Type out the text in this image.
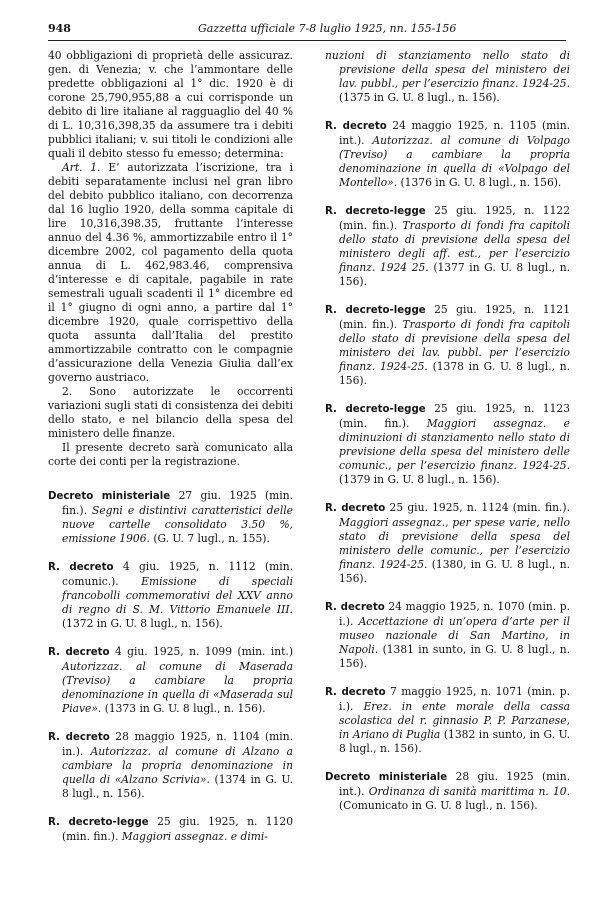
948	Gazzetta ufficiale 7-8 luglio 1925, nn. 155-156

40 obbligazioni di proprietà delle assicuraz. gen. di Venezia; v. che l’ammontare delle predette obbligazioni al 1° dic. 1920 è di corone 25,790,955,88 a cui corrisponde un debito di lire italiane al ragguaglio del 40 % di L. 10,316,398,35 da assumere tra i debiti pubblici italiani; v. sui titoli le condizioni alle quali il debito stesso fu emesso; determina:

Art. 1. E’ autorizzata l’iscrizione, tra i debiti separatamente inclusi nel gran libro del debito pubblico italiano, con decorrenza dal 16 luglio 1920, della somma capitale di lire 10,316,398.35, fruttante l’interesse annuo del 4.36 %, ammortizzabile entro il 1° dicembre 2002, col pagamento della quota annua di L. 462,983.46, comprensiva d’interesse e di capitale, pagabile in rate semestrali uguali scadenti il 1° dicembre ed il 1° giugno di ogni anno, a partire dal 1° dicembre 1920, quale corrispettivo della quota assunta dall’Italia del prestito ammortizzabile contratto con le compagnie d’assicurazione della Venezia Giulia dall’ex governo austriaco.

2. Sono autorizzate le occorrenti variazioni sugli stati di consistenza dei debiti dello stato, e nel bilancio della spesa del ministero delle finanze.

Il presente decreto sarà comunicato alla corte dei conti per la registrazione.

Decreto ministeriale 27 giu. 1925 (min. fin.). Segni e distintivi caratteristici delle nuove cartelle consolidato 3.50 %, emissione 1906. (G. U. 7 lugl., n. 155).

R. decreto 4 giu. 1925, n. 1112 (min. comunic.). Emissione di speciali francobolli commemorativi del XXV anno di regno di S. M. Vittorio Emanuele III. (1372 in G. U. 8 lugl., n. 156).

R. decreto 4 giu. 1925, n. 1099 (min. int.) Autorizzaz. al comune di Maserada (Treviso) a cambiare la propria denominazione in quella di «Maserada sul Piave». (1373 in G. U. 8 lugl., n. 156).

R. decreto 28 maggio 1925, n. 1104 (min. in.). Autorizzaz. al comune di Alzano a cambiare la propria denominazione in quella di «Alzano Scrivia». (1374 in G. U. 8 lugl., n. 156).

R. decreto-legge 25 giu. 1925, n. 1120 (min. fin.). Maggiori assegnaz. e dimi-

nuzioni di stanziamento nello stato di previsione della spesa del ministero dei lav. pubbl., per l’esercizio finanz. 1924-25. (1375 in G. U. 8 lugl., n. 156).

R. decreto 24 maggio 1925, n. 1105 (min. int.). Autorizzaz. al comune di Volpago (Treviso) a cambiare la propria denominazione in quella di «Volpago del Montello». (1376 in G. U. 8 lugl., n. 156).

R. decreto-legge 25 giu. 1925, n. 1122 (min. fin.). Trasporto di fondi fra capitoli dello stato di previsione della spesa del ministero degli aff. est., per l’esercizio finanz. 1924 25. (1377 in G. U. 8 lugl., n. 156).

R. decreto-legge 25 giu. 1925, n. 1121 (min. fin.). Trasporto di fondi fra capitoli dello stato di previsione della spesa del ministero dei lav. pubbl. per l’esercizio finanz. 1924-25. (1378 in G. U. 8 lugl., n. 156).

R. decreto-legge 25 giu. 1925, n. 1123 (min. fin.). Maggiori assegnaz. e diminuzioni di stanziamento nello stato di previsione della spesa del ministero delle comunic., per l’esercizio finanz. 1924-25. (1379 in G. U. 8 lugl., n. 156).

R. decreto 25 giu. 1925, n. 1124 (min. fin.). Maggiori assegnaz., per spese varie, nello stato di previsione della spesa del ministero delle comunic., per l’esercizio finanz. 1924-25. (1380, in G. U. 8 lugl., n. 156).

R. decreto 24 maggio 1925, n. 1070 (min. p. i.). Accettazione di un’opera d’arte per il museo nazionale di San Martino, in Napoli. (1381 in sunto, in G. U. 8 lugl., n. 156).

R. decreto 7 maggio 1925, n. 1071 (min. p. i.). Erez. in ente morale della cassa scolastica del r. ginnasio P. P. Parzanese, in Ariano di Puglia (1382 in sunto, in G. U. 8 lugl., n. 156).

Decreto ministeriale 28 giu. 1925 (min. int.). Ordinanza di sanità marittima n. 10. (Comunicato in G. U. 8 lugl., n. 156).
